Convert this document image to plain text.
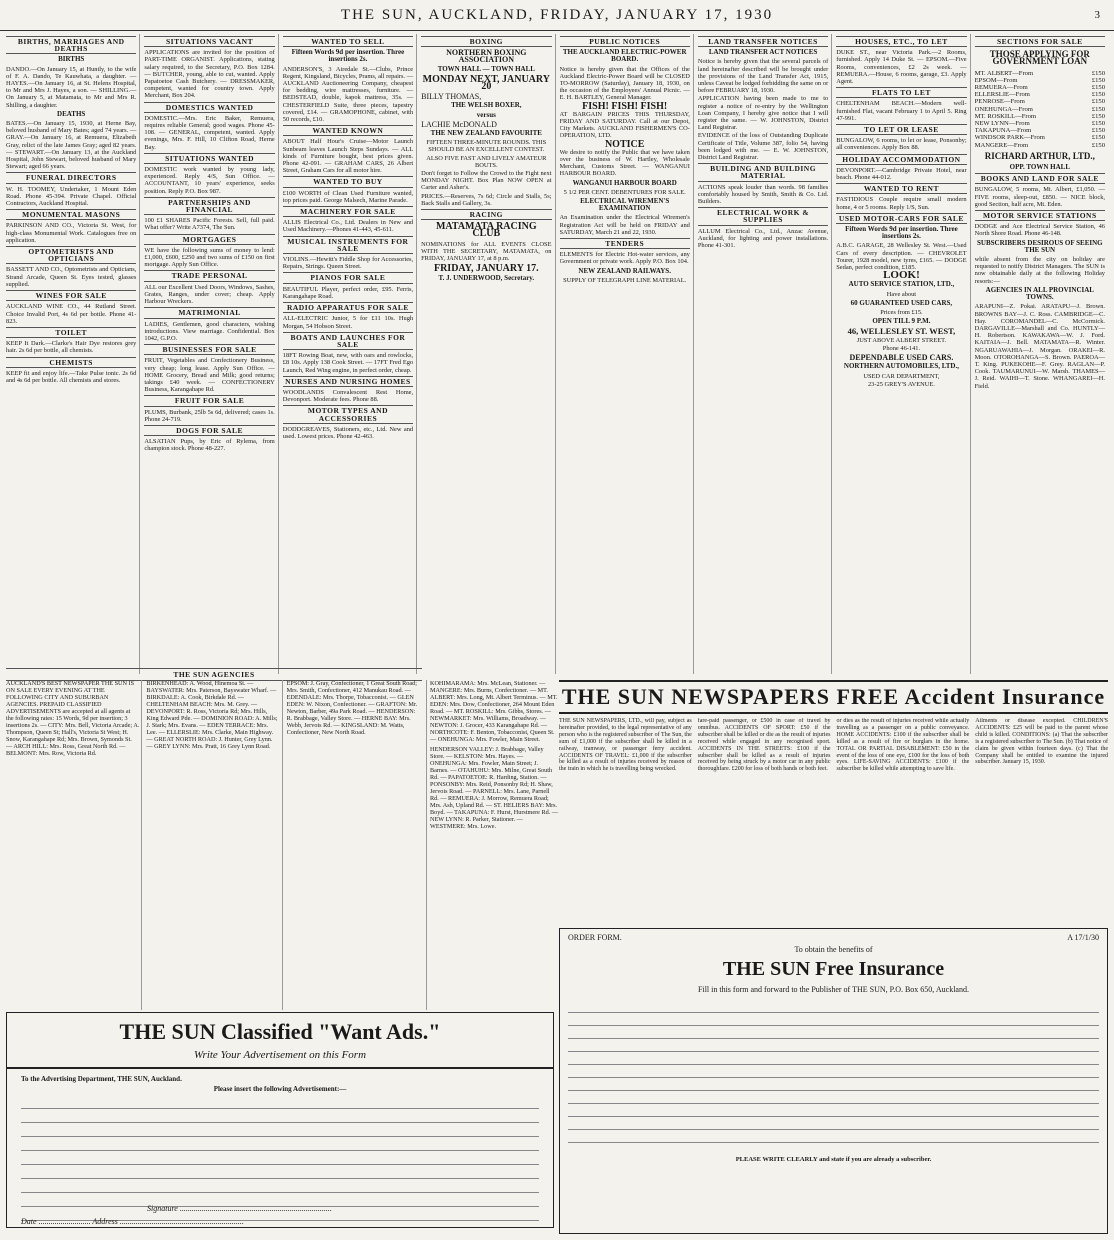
THE SUN, AUCKLAND, FRIDAY, JANUARY 17, 1930	3
BIRTHS, MARRIAGES AND DEATHS
BIRTHS
DANDO.—On January 15, at Huntly, to the wife of F. A. Dando, Te Kauwhata, a daughter. — HAYES.—On January 16, at St. Helens Hospital, to Mr and Mrs J. Hayes, a son. — SHILLING.—On January 5, at Matamata, to Mr and Mrs R. Shilling, a daughter.
DEATHS
BATES.—On January 15, 1930, at Herne Bay, beloved husband of Mary Bates; aged 74 years. — GRAY.—On January 16, at Remuera, Elizabeth Gray, relict of the late James Gray; aged 82 years. — STEWART.—On January 13, at the Auckland Hospital, John Stewart, beloved husband of Mary Stewart; aged 66 years.
FUNERAL DIRECTORS
W. H. TOOMEY, Undertaker, 1 Mount Eden Road. Phone 45-394. Private Chapel. Official Contractors, Auckland Hospital.
MONUMENTAL MASONS
PARKINSON AND CO., Victoria St. West, for high-class Monumental Work. Catalogues free on application.
OPTOMETRISTS AND OPTICIANS
BASSETT AND CO., Optometrists and Opticians, Strand Arcade, Queen St. Eyes tested, glasses supplied.
WINES FOR SALE
AUCKLAND WINE CO., 44 Rutland Street. Choice Invalid Port, 4s 6d per bottle. Phone 41-823.
TOILET
KEEP It Dark.—Clarke's Hair Dye restores grey hair. 2s 6d per bottle, all chemists.
CHEMISTS
KEEP fit and enjoy life.—Take Pulse tonic. 2s 6d and 4s 6d per bottle. All chemists and stores.
SITUATIONS VACANT
APPLICATIONS are invited for the position of PART-TIME ORGANIST. Applications, stating salary required, to the Secretary, P.O. Box 1284. — BUTCHER, young, able to cut, wanted. Apply Papatoetoe Cash Butchery. — DRESSMAKER, competent, wanted for country town. Apply Merchant, Box 204.
DOMESTICS WANTED
DOMESTIC.—Mrs. Eric Baker, Remuera, requires reliable General; good wages. Phone 45-108. — GENERAL, competent, wanted. Apply evenings, Mrs. F. Hill, 10 Clifton Road, Herne Bay.
SITUATIONS WANTED
DOMESTIC work wanted by young lady, experienced. Reply 4/S, Sun Office. — ACCOUNTANT, 10 years' experience, seeks position. Reply P.O. Box 987.
PARTNERSHIPS AND FINANCIAL
100 £1 SHARES Pacific Forests. Sell, full paid. What offer? Write A7374, The Sun.
MORTGAGES
WE have the following sums of money to lend: £1,000, £600, £250 and two sums of £150 on first mortgage. Apply Sun Office.
TRADE PERSONAL
ALL our Excellent Used Doors, Windows, Sashes, Grates, Ranges, under cover; cheap. Apply Harbour Wreckers.
MATRIMONIAL
LADIES, Gentlemen, good characters, wishing introductions. View marriage. Confidential. Box 1042, G.P.O.
BUSINESSES FOR SALE
FRUIT, Vegetables and Confectionery Business, very cheap; long lease. Apply Sun Office. — HOME Grocery, Bread and Milk; good returns; takings £40 week. — CONFECTIONERY Business, Karangahape Rd.
FRUIT FOR SALE
PLUMS, Burbank, 25lb 5s 6d, delivered; cases 1s. Phone 24-719.
DOGS FOR SALE
ALSATIAN Pups, by Eric of Rylema, from champion stock. Phone 48-227.
WANTED TO SELL
Fifteen Words 9d per insertion. Three insertions 2s.
ANDERSON'S, 3 Airedale St.—Clubs, Prince Regent, Kingsland, Bicycles, Prams, all repairs. — AUCKLAND Auctioneering Company, cheapest for bedding, wire mattresses, furniture. — BEDSTEAD, double, kapok mattress, 35s. — CHESTERFIELD Suite, three pieces, tapestry covered, £14. — GRAMOPHONE, cabinet, with 50 records, £10.
WANTED KNOWN
ABOUT Half Hour's Cruise—Motor Launch Sunbeam leaves Launch Steps Sundays. — ALL kinds of Furniture bought, best prices given. Phone 42-091. — GRAHAM CARS, 26 Albert Street, Graham Cars for all motor hire.
WANTED TO BUY
£100 WORTH of Clean Used Furniture wanted, top prices paid. George Malsech, Marine Parade.
MACHINERY FOR SALE
ALLIS Electrical Co., Ltd. Dealers in New and Used Machinery.—Phones 41-443, 45-611.
MUSICAL INSTRUMENTS FOR SALE
VIOLINS.—Hewitt's Fiddle Shop for Accessories, Repairs, Strings. Queen Street.
PIANOS FOR SALE
BEAUTIFUL Player, perfect order, £95. Ferris, Karangahape Road.
RADIO APPARATUS FOR SALE
ALL-ELECTRIC Junior, 5 for £11 10s. Hugh Morgan, 54 Hobson Street.
BOATS AND LAUNCHES FOR SALE
18FT Rowing Boat, new, with oars and rowlocks, £8 10s. Apply 138 Cook Street. — 17FT Fred Ego Launch, Red Wing engine, in perfect order, cheap.
NURSES AND NURSING HOMES
WOODLANDS Convalescent Rest Home, Devonport. Moderate fees. Phone 88.
MOTOR TYPES AND ACCESSORIES
DODDGREAVES, Stationers, etc., Ltd. New and used. Lowest prices. Phone 42-463.
BOXING
NORTHERN BOXING ASSOCIATION
TOWN HALL — TOWN HALL
MONDAY NEXT, JANUARY 20
BILLY THOMAS,
THE WELSH BOXER,
versus
LACHIE McDONALD
THE NEW ZEALAND FAVOURITE
FIFTEEN THREE-MINUTE ROUNDS. THIS SHOULD BE AN EXCELLENT CONTEST.
ALSO FIVE FAST AND LIVELY AMATEUR BOUTS.
Don't forget to Follow the Crowd to the Fight next MONDAY NIGHT. Box Plan NOW OPEN at Carter and Asher's.
PRICES.—Reserves, 7s 6d; Circle and Stalls, 5s; Back Stalls and Gallery, 3s.
RACING
MATAMATA RACING CLUB
NOMINATIONS for ALL EVENTS CLOSE WITH THE SECRETARY, MATAMATA, on FRIDAY, JANUARY 17, at 8 p.m.
FRIDAY, JANUARY 17.
T. J. UNDERWOOD, Secretary.
PUBLIC NOTICES
THE AUCKLAND ELECTRIC-POWER BOARD.
Notice is hereby given that the Offices of the Auckland Electric-Power Board will be CLOSED TO-MORROW (Saturday), January 18, 1930, on the occasion of the Employees' Annual Picnic. — E. H. BARTLEY, General Manager.
FISH! FISH! FISH!
AT BARGAIN PRICES THIS THURSDAY, FRIDAY AND SATURDAY. Call at our Depot, City Markets. AUCKLAND FISHERMEN'S CO-OPERATION, LTD.
NOTICE
We desire to notify the Public that we have taken over the business of W. Hartley, Wholesale Merchant, Customs Street. — WANGANUI HARBOUR BOARD.
WANGANUI HARBOUR BOARD
5 1/2 PER CENT. DEBENTURES FOR SALE.
ELECTRICAL WIREMEN'S EXAMINATION
An Examination under the Electrical Wiremen's Registration Act will be held on FRIDAY and SATURDAY, March 21 and 22, 1930.
TENDERS
ELEMENTS for Electric Hot-water services, any Government or private work. Apply P.O. Box 104.
NEW ZEALAND RAILWAYS.
SUPPLY OF TELEGRAPH LINE MATERIAL.
LAND TRANSFER NOTICES
LAND TRANSFER ACT NOTICES
Notice is hereby given that the several parcels of land hereinafter described will be brought under the provisions of the Land Transfer Act, 1915, unless Caveat be lodged forbidding the same on or before FEBRUARY 18, 1930.
APPLICATION having been made to me to register a notice of re-entry by the Wellington Loan Company, I hereby give notice that I will register the same. — W. JOHNSTON, District Land Registrar.
EVIDENCE of the loss of Outstanding Duplicate Certificate of Title, Volume 387, folio 54, having been lodged with me. — E. W. JOHNSTON, District Land Registrar.
BUILDING AND BUILDING MATERIAL
ACTIONS speak louder than words. 98 families comfortably housed by Smith, Smith & Co. Ltd. Builders.
ELECTRICAL WORK & SUPPLIES
ALLUM Electrical Co., Ltd., Anzac Avenue, Auckland, for lighting and power installations. Phone 41-301.
HOUSES, ETC., TO LET
DUKE ST., near Victoria Park.—2 Rooms, furnished. Apply 14 Duke St. — EPSOM.—Five Rooms, conveniences, £2 2s week. — REMUERA.—House, 6 rooms, garage, £3. Apply Agent.
FLATS TO LET
CHELTENHAM BEACH.—Modern well-furnished Flat, vacant February 1 to April 5. Ring 47-991.
TO LET OR LEASE
BUNGALOW, 6 rooms, to let or lease, Ponsonby; all conveniences. Apply Box 88.
HOLIDAY ACCOMMODATION
DEVONPORT.—Cambridge Private Hotel, near beach. Phone 44-012.
WANTED TO RENT
FASTIDIOUS Couple require small modern home, 4 or 5 rooms. Reply 1/S, Sun.
USED MOTOR-CARS FOR SALE
Fifteen Words 9d per insertion. Three insertions 2s.
A.B.C. GARAGE, 28 Wellesley St. West.—Used Cars of every description. — CHEVROLET Tourer, 1928 model, new tyres, £165. — DODGE Sedan, perfect condition, £185.
LOOK!
AUTO SERVICE STATION, LTD.,
Have about
60 GUARANTEED USED CARS,
Prices from £15.
OPEN TILL 9 P.M.
46, WELLESLEY ST. WEST,
JUST ABOVE ALBERT STREET.
Phone 46-141.
DEPENDABLE USED CARS.
NORTHERN AUTOMOBILES, LTD.,
USED CAR DEPARTMENT,
23-25 GREY'S AVENUE.
SECTIONS FOR SALE
THOSE APPLYING FOR GOVERNMENT LOAN
MT. ALBERT—From	£150
EPSOM—From	£150
REMUERA—From	£150
ELLERSLIE—From	£150
PENROSE—From	£150
ONEHUNGA—From	£150
MT. ROSKILL—From	£150
NEW LYNN—From	£150
TAKAPUNA—From	£150
WINDSOR PARK—From	£150
MANGERE—From	£150
RICHARD ARTHUR, LTD.,
OPP. TOWN HALL
BOOKS AND LAND FOR SALE
BUNGALOW, 5 rooms, Mt. Albert, £1,050. — FIVE rooms, sleep-out, £850. — NICE block, good Section, half acre, Mt. Eden.
MOTOR SERVICE STATIONS
DODGE and Ace Electrical Service Station, 46 North Shore Road. Phone 46-148.
SUBSCRIBERS DESIROUS OF SEEING THE SUN
while absent from the city on holiday are requested to notify District Managers. The SUN is now obtainable daily at the following Holiday resorts:—
AGENCIES IN ALL PROVINCIAL TOWNS.
ARAPUNI—Z. Pokai. ARATAPU—J. Brown. BROWNS BAY—J. C. Ross. CAMBRIDGE—C. Hay. COROMANDEL—C. McCormick. DARGAVILLE—Marshall and Co. HUNTLY—H. Robertson. KAWAKAWA—W. J. Ford. KAITAIA—J. Bell. MATAMATA—R. Winter. NGARUAWAHIA—J. Morgan. ORAKEI—R. Moon. OTOROHANGA—S. Brown. PAEROA—T. King. PUKEKOHE—F. Grey. RAGLAN—P. Cook. TAUMARUNUI—W. Marsh. THAMES—J. Reid. WAIHI—T. Stone. WHANGAREI—H. Field.
THE SUN AGENCIES
AUCKLAND'S BEST NEWSPAPER THE SUN IS ON SALE EVERY EVENING AT THE FOLLOWING CITY AND SUBURBAN AGENCIES. PREPAID CLASSIFIED ADVERTISEMENTS are accepted at all agents at the following rates: 15 Words, 9d per insertion; 3 insertions 2s. — CITY: Mrs. Bell, Victoria Arcade; A. Thompson, Queen St; Hall's, Victoria St West; H. Snow, Karangahape Rd; Mrs. Brown, Symonds St. — ARCH HILL: Mrs. Ross, Great North Rd. — BELMONT: Mrs. Row, Victoria Rd.
BIRKENHEAD: A. Wood, Hinemoa St. — BAYSWATER: Mrs. Paterson, Bayswater Wharf. — BIRKDALE: A. Cook, Birkdale Rd. — CHELTENHAM BEACH: Mrs. M. Grey. — DEVONPORT: R. Ross, Victoria Rd; Mrs. Hills, King Edward Pde. — DOMINION ROAD: A. Mills; J. Stark; Mrs. Evans. — EDEN TERRACE: Mrs. Lee. — ELLERSLIE: Mrs. Clarke, Main Highway. — GREAT NORTH ROAD: J. Hunter, Grey Lynn. — GREY LYNN: Mrs. Pratt, 16 Grey Lynn Road.
EPSOM: J. Gray, Confectioner, 1 Great South Road; Mrs. Smith, Confectioner, 412 Manukau Road. — EDENDALE: Mrs. Thorpe, Tobacconist. — GLEN EDEN: W. Nixon, Confectioner. — GRAFTON: Mr. Newton, Barber, 49a Park Road. — HENDERSON: R. Brabbage, Valley Store. — HERNE BAY: Mrs. Webb, Jervois Rd. — KINGSLAND: M. Watts, Confectioner, New North Road.
KOHIMARAMA: Mrs. McLean, Stationer. — MANGERE: Mrs. Burns, Confectioner. — MT. ALBERT: Mrs. Long, Mt. Albert Terminus. — MT. EDEN: Mrs. Dow, Confectioner, 264 Mount Eden Road. — MT. ROSKILL: Mrs. Gibbs, Stores. — NEWMARKET: Mrs. Williams, Broadway. — NEWTON: J. Grocer, 433 Karangahape Rd. — NORTHCOTE: F. Benton, Tobacconist, Queen St. — ONEHUNGA: Mrs. Fowler, Main Street.
HENDERSON VALLEY: J. Brabbage, Valley Store. — KELSTON: Mrs. Hayes. — ONEHUNGA: Mrs. Fowler, Main Street; J. Barnes. — OTAHUHU: Mrs. Milne, Great South Rd. — PAPATOETOE: R. Harding, Station. — PONSONBY: Mrs. Reid, Ponsonby Rd; H. Shaw, Jervois Road. — PARNELL: Mrs. Lane, Parnell Rd. — REMUERA: J. Morrow, Remuera Road; Mrs. Ash, Upland Rd. — ST. HELIERS BAY: Mrs. Boyd. — TAKAPUNA: F. Hurst, Hurstmere Rd. — NEW LYNN: R. Parker, Stationer. — WESTMERE: Mrs. Lowe.
THE SUN NEWSPAPERS FREE Accident Insurance
THE SUN NEWSPAPERS, LTD., will pay, subject as hereinafter provided, to the legal representative of any person who is the registered subscriber of The Sun, the sum of £1,000 if the subscriber shall be killed in a railway, tramway, or passenger ferry accident. ACCIDENTS OF TRAVEL: £1,000 if the subscriber be killed as a result of injuries received by reason of the train in which he is travelling being wrecked.
fare-paid passenger, or £500 in case of travel by omnibus. ACCIDENTS OF SPORT: £50 if the subscriber shall be killed or die as the result of injuries received while engaged in any recognised sport. ACCIDENTS IN THE STREETS: £100 if the subscriber shall be killed as a result of injuries received by being struck by a motor car in any public thoroughfare. £200 for loss of both hands or both feet.
or dies as the result of injuries received while actually travelling as a passenger on a public conveyance. HOME ACCIDENTS: £100 if the subscriber shall be killed as a result of fire or burglars in the home. TOTAL OR PARTIAL DISABLEMENT: £50 in the event of the loss of one eye, £100 for the loss of both eyes. LIFE-SAVING ACCIDENTS: £100 if the subscriber be killed while attempting to save life.
Ailments or disease excepted. CHILDREN'S ACCIDENTS: £25 will be paid to the parent whose child is killed. CONDITIONS: (a) That the subscriber is a registered subscriber to The Sun. (b) That notice of claim be given within fourteen days. (c) That the Company shall be entitled to examine the injured subscriber. January 15, 1930.
ORDER FORM.	A 17/1/30
To obtain the benefits of
THE SUN Free Insurance
Fill in this form and forward to the Publisher of THE SUN, P.O. Box 650, Auckland.
PLEASE WRITE CLEARLY and state if you are already a subscriber.
THE SUN Classified "Want Ads."
Write Your Advertisement on this Form
To the Advertising Department, THE SUN, Auckland.
Please insert the following Advertisement:—
Signature ............................................................................
Date .......................... Address ..............................................................
